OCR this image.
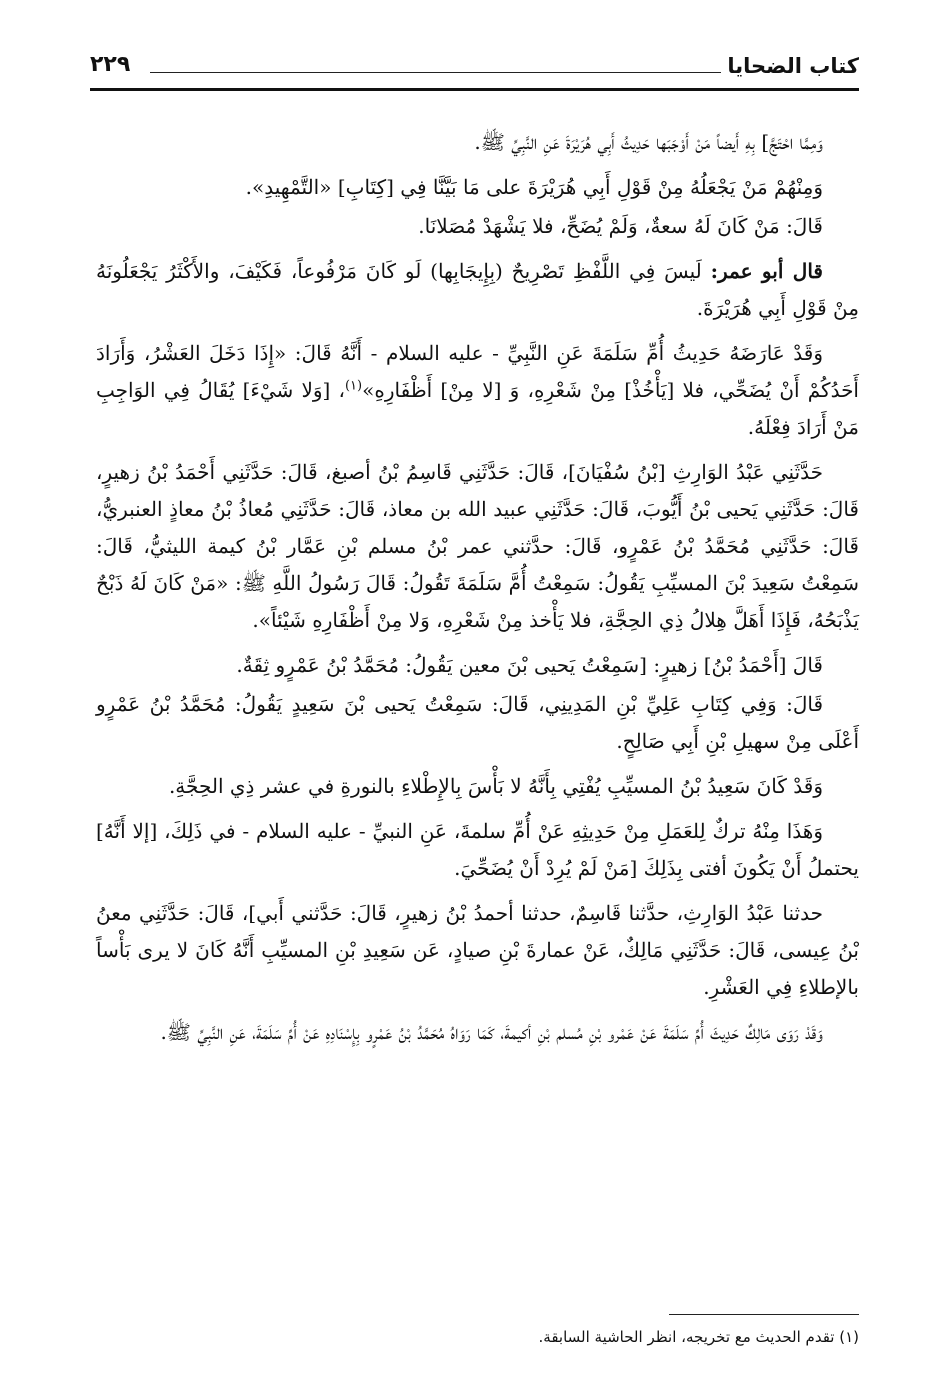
كتاب الضحايا
٢٢٩

وَمِمَّا احْتَجَّ] بِهِ أَيضاً مَنْ أَوْجَبَها حَدِيثُ أَبِي هُرَيْرَةَ عَنِ النَّبِيِّ ﷺ.

وَمِنْهُمْ مَنْ يَجْعَلُهُ مِنْ قَوْلِ أَبِي هُرَيْرَةَ على مَا بَيَّنَّا فِي [كِتَابِ] «التَّمْهِيدِ».

قَالَ: مَنْ كَانَ لَهُ سعةٌ، وَلَمْ يُضَحِّ، فلا يَشْهَدْ مُصَلانَا.

قال أبو عمر: لَيسَ فِي اللَّفْظِ تَصْرِيحٌ (بِإِيجَابِها) لَو كَانَ مَرْفُوعاً، فَكَيْفَ، والأَكْثَرُ يَجْعَلُونَهُ مِنْ قَوْلِ أَبِي هُرَيْرَةَ.

وَقَدْ عَارَضَهُ حَدِيثُ أُمِّ سَلَمَةَ عَنِ النَّبِيِّ - عليه السلام - أَنَّهُ قَالَ: «إِذَا دَخَلَ العَشْرُ، وَأَرَادَ أَحَدُكُمْ أَنْ يُضَحِّي، فلا [يَأْخُذْ] مِنْ شَعْرِهِ، وَ [لا مِنْ] أَظْفَارِهِ»$^{(١)}$، [وَلا شَيْءَ] يُقَالُ فِي الوَاجِبِ مَنْ أَرَادَ فِعْلَهُ.

حَدَّثَنِي عَبْدُ الوَارِثِ [بْنُ سُفْيَانَ]، قَالَ: حَدَّثَنِي قَاسِمُ بْنُ أصبغ، قَالَ: حَدَّثَنِي أَحْمَدُ بْنُ زهيرٍ، قَالَ: حَدَّثَنِي يَحيى بْنُ أَيُّوبَ، قَالَ: حَدَّثَنِي عبيد الله بن معاذ، قَالَ: حَدَّثَنِي مُعاذُ بْنُ معاذٍ العنبريُّ، قَالَ: حَدَّثَنِي مُحَمَّدُ بْنُ عَمْرٍو، قَالَ: حدَّثني عمر بْنُ مسلم بْنِ عَمَّار بْنُ كيمة الليثيُّ، قَالَ: سَمِعْتُ سَعِيدَ بْنَ المسيِّبِ يَقُولُ: سَمِعْتُ أُمَّ سَلَمَةَ تَقُولُ: قَالَ رَسُولُ اللَّهِ ﷺ: «مَنْ كَانَ لَهُ ذَبْحٌ يَذْبَحُهُ، فَإِذَا أَهَلَّ هِلالُ ذِي الحِجَّةِ، فلا يَأْخذ مِنْ شَعْرِهِ، وَلا مِنْ أَظْفَارِهِ شَيْئاً».

قَالَ [أَحْمَدُ بْنُ] زهيرٍ: [سَمِعْتُ يَحيى بْنَ معين يَقُولُ: مُحَمَّدُ بْنُ عَمْرٍو ثِقَةٌ.

قَالَ: وَفِي كِتَابِ عَلِيِّ بْنِ المَدِينِي، قَالَ: سَمِعْتُ يَحيى بْنَ سَعِيدٍ يَقُولُ: مُحَمَّدُ بْنُ عَمْرٍو أَعْلَى مِنْ سهيلِ بْنِ أَبِي صَالِحٍ.

وَقَدْ كَانَ سَعِيدُ بْنُ المسيِّبِ يُفْتِي بِأَنَّهُ لا بَأْسَ بِالإِطْلاءِ بالنورةِ في عشر ذِي الحِجَّةِ.

وَهَذَا مِنْهُ تركٌ لِلعَمَلِ مِنْ حَدِيثِهِ عَنْ أُمِّ سلمةَ، عَنِ النبيِّ - عليه السلام - في ذَلِكَ، [إلا أَنَّهُ] يحتملُ أَنْ يَكُونَ أفتى بِذَلِكَ [مَنْ لَمْ يُرِدْ أَنْ يُضَحِّيَ.

حدثنا عَبْدُ الوَارِثِ، حدَّثنا قَاسِمٌ، حدثنا أحمدُ بْنُ زهيرٍ، قَالَ: حَدَّثني أَبي]، قَالَ: حَدَّثَنِي معنُ بْنُ عِيسى، قَالَ: حَدَّثَنِي مَالِكٌ، عَنْ عمارةَ بْنِ صيادٍ، عَن سَعِيدِ بْنِ المسيِّبِ أَنَّهُ كَانَ لا يرى بَأْساً بالإطلاءِ فِي العَشْرِ.

وَقَدْ رَوَى مَالِكٌ حَدِيثَ أُمِّ سَلَمَةَ عَنْ عَمْرو بْنِ مُسلم بْنِ أكيمةَ، كَمَا رَوَاهُ مُحَمَّدُ بْنُ عَمْرٍو بِإِسْنَادِهِ عَنْ أُمِّ سَلَمَةَ، عَنِ النَّبِيِّ ﷺ.

(١) تقدم الحديث مع تخريجه، انظر الحاشية السابقة.
